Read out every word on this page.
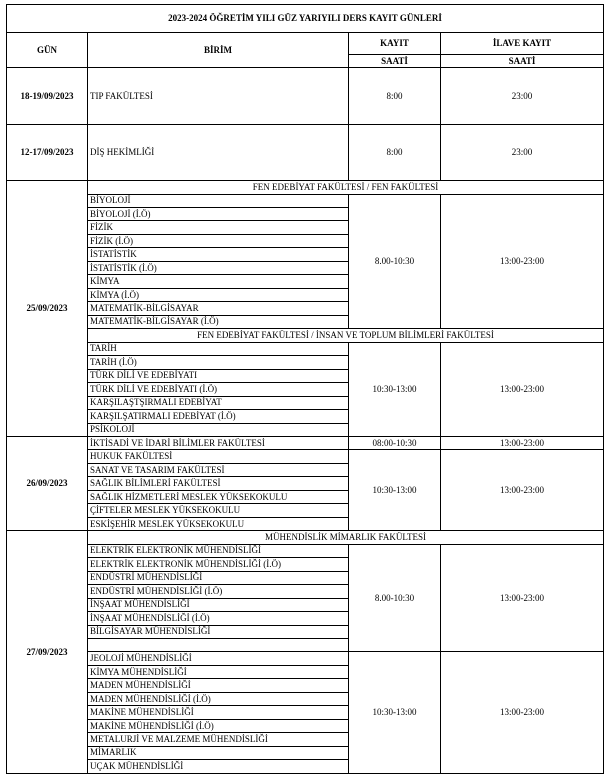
2023-2024 ÖĞRETİM YILI GÜZ YARIYILI DERS KAYIT GÜNLERİ			
GÜN	BİRİM	KAYIT	İLAVE KAYIT
		SAATİ	SAATİ
18-19/09/2023	TIP FAKÜLTESİ	8:00	23:00
12-17/09/2023	DİŞ HEKİMLİĞİ	8:00	23:00
25/09/2023	FEN EDEBİYAT FAKÜLTESİ / FEN FAKÜLTESİ		
	BİYOLOJİ	8.00-10:30	13:00-23:00
	BİYOLOJİ (İ.Ö)		
	FİZİK		
	FİZİK (İ.Ö)		
	İSTATİSTİK		
	İSTATİSTİK (İ.Ö)		
	KİMYA		
	KİMYA (İ.Ö)		
	MATEMATİK-BİLGİSAYAR		
	MATEMATİK-BİLGİSAYAR (İ.Ö)		
	FEN EDEBİYAT FAKÜLTESİ / İNSAN VE TOPLUM BİLİMLERİ FAKÜLTESİ		
	TARİH	10:30-13:00	13:00-23:00
	TARİH (İ.Ö)		
	TÜRK DİLİ VE EDEBİYATI		
	TÜRK DİLİ VE EDEBİYATI (İ.Ö)		
	KARŞILAŞTŞIRMALI EDEBİYAT		
	KARŞILŞATIRMALI EDEBİYAT (İ.Ö)		
	PSİKOLOJİ		
26/09/2023	İKTİSADİ VE İDARİ BİLİMLER FAKÜLTESİ	08:00-10:30	13:00-23:00
	HUKUK FAKÜLTESİ	10:30-13:00	13:00-23:00
	SANAT VE TASARIM FAKÜLTESİ		
	SAĞLIK BİLİMLERİ FAKÜLTESİ		
	SAĞLIK HİZMETLERİ MESLEK YÜKSEKOKULU		
	ÇİFTELER MESLEK YÜKSEKOKULU		
	ESKİŞEHİR MESLEK YÜKSEKOKULU		
27/09/2023	MÜHENDİSLİK MİMARLIK FAKÜLTESİ		
	ELEKTRİK ELEKTRONİK MÜHENDİSLİĞİ	8.00-10:30	13:00-23:00
	ELEKTRİK ELEKTRONİK MÜHENDİSLİĞİ (İ.Ö)		
	ENDÜSTRİ MÜHENDİSLİĞİ		
	ENDÜSTRİ MÜHENDİSLİĞİ (İ.Ö)		
	İNŞAAT MÜHENDİSLİĞİ		
	İNŞAAT MÜHENDİSLİĞİ (İ.Ö)		
	BİLGİSAYAR MÜHENDİSLİĞİ		

	JEOLOJİ MÜHENDİSLİĞİ	10:30-13:00	13:00-23:00
	KİMYA MÜHENDİSLİĞİ		
	MADEN MÜHENDİSLİĞİ		
	MADEN MÜHENDİSLİĞİ (İ.Ö)		
	MAKİNE MÜHENDİSLİĞİ		
	MAKİNE MÜHENDİSLİĞİ (İ.Ö)		
	METALURJİ VE MALZEME MÜHENDİSLİĞİ		
	MİMARLIK		
	UÇAK MÜHENDİSLİĞİ		
